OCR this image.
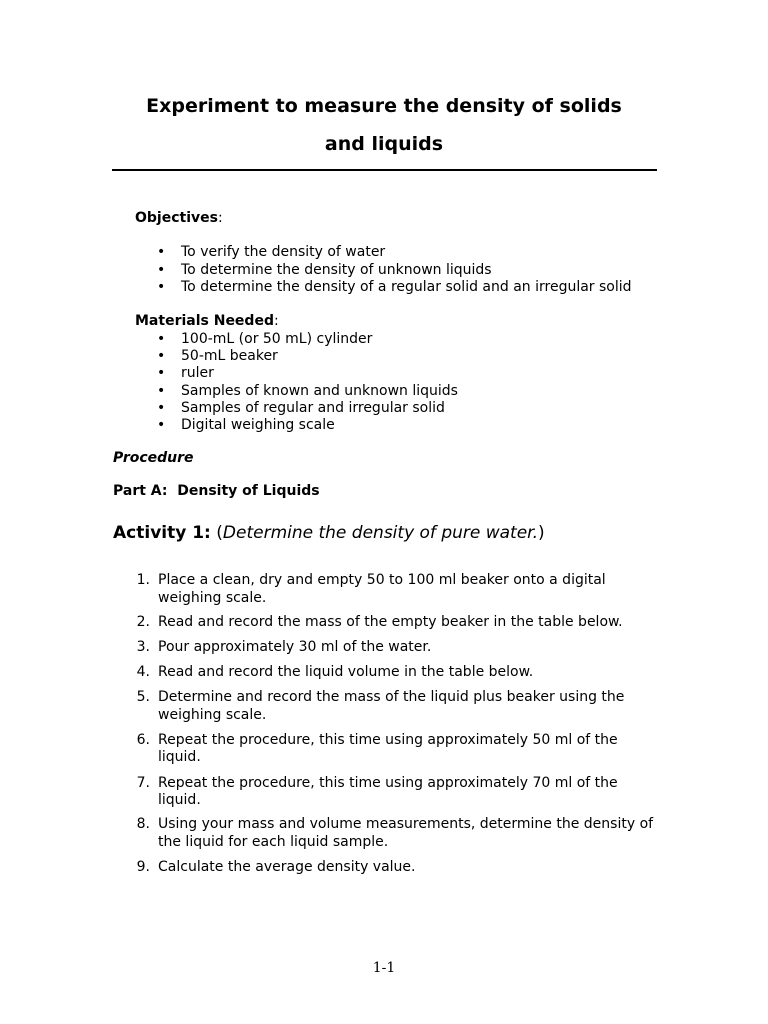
Experiment to measure the density of solids
and liquids
Objectives:
• To verify the density of water
• To determine the density of unknown liquids
• To determine the density of a regular solid and an irregular solid
Materials Needed:
• 100-mL (or 50 mL) cylinder
• 50-mL beaker
• ruler
• Samples of known and unknown liquids
• Samples of regular and irregular solid
• Digital weighing scale
Procedure
Part A:  Density of Liquids
Activity 1: (Determine the density of pure water.)
1. Place a clean, dry and empty 50 to 100 ml beaker onto a digital
weighing scale.
2. Read and record the mass of the empty beaker in the table below.
3. Pour approximately 30 ml of the water.
4. Read and record the liquid volume in the table below.
5. Determine and record the mass of the liquid plus beaker using the
weighing scale.
6. Repeat the procedure, this time using approximately 50 ml of the
liquid.
7. Repeat the procedure, this time using approximately 70 ml of the
liquid.
8. Using your mass and volume measurements, determine the density of
the liquid for each liquid sample.
9. Calculate the average density value.
1-1
